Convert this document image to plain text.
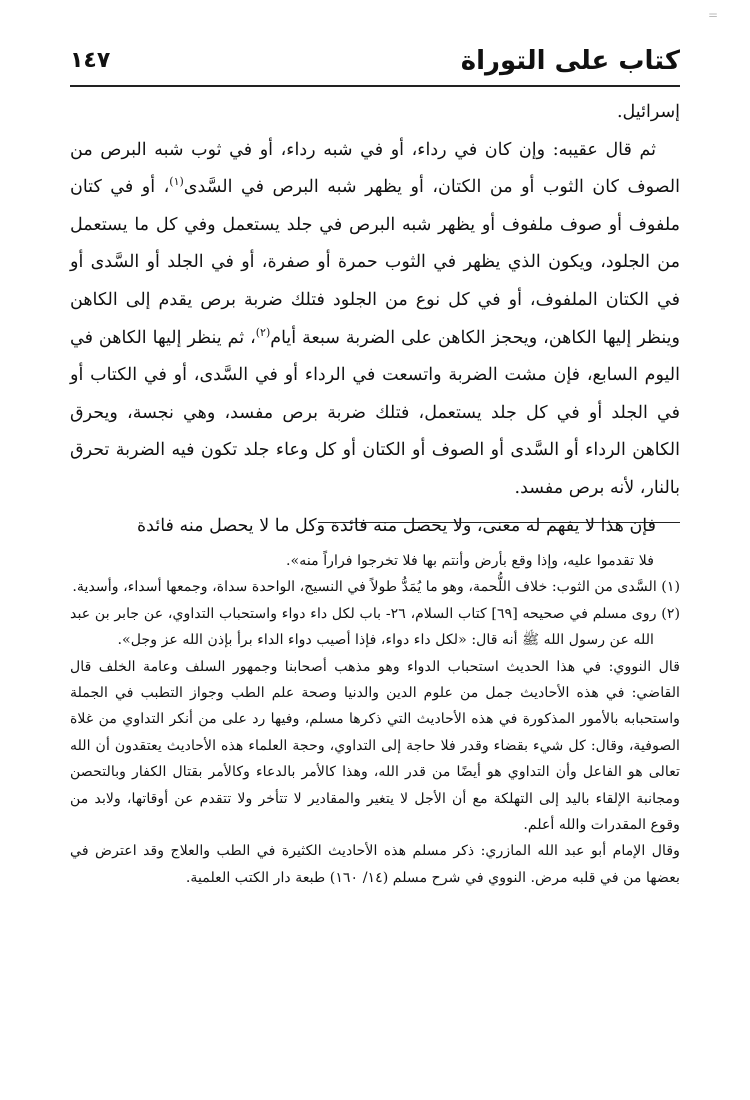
=
كتاب على التوراة
١٤٧

إسرائيل.

ثم قال عقيبه: وإن كان في رداء، أو في شبه رداء، أو في ثوب شبه البرص من الصوف كان الثوب أو من الكتان، أو يظهر شبه البرص في السَّدى$^{(١)}$، أو في كتان ملفوف أو صوف ملفوف أو يظهر شبه البرص في جلد يستعمل وفي كل ما يستعمل من الجلود، ويكون الذي يظهر في الثوب حمرة أو صفرة، أو في الجلد أو السَّدى أو في الكتان الملفوف، أو في كل نوع من الجلود فتلك ضربة برص يقدم إلى الكاهن وينظر إليها الكاهن، ويحجز الكاهن على الضربة سبعة أيام$^{(٢)}$، ثم ينظر إليها الكاهن في اليوم السابع، فإن مشت الضربة واتسعت في الرداء أو في السَّدى، أو في الكتاب أو في الجلد أو في كل جلد يستعمل، فتلك ضربة برص مفسد، وهي نجسة، ويحرق الكاهن الرداء أو السَّدى أو الصوف أو الكتان أو كل وعاء جلد تكون فيه الضربة تحرق بالنار، لأنه برص مفسد.

فإن هذا لا يفهم له معنى، ولا يحصل منه فائدة وكل ما لا يحصل منه فائدة

فلا تقدموا عليه، وإذا وقع بأرض وأنتم بها فلا تخرجوا فراراً منه».

(١) السَّدى من الثوب: خلاف اللُّحمة، وهو ما يُمَدُّ طولاً في النسيج، الواحدة سداة، وجمعها أسداء، وأسدية.

(٢) روى مسلم في صحيحه [٦٩] كتاب السلام، ٢٦- باب لكل داء دواء واستحباب التداوي، عن جابر بن عبد الله عن رسول الله ﷺ أنه قال: «لكل داء دواء، فإذا أصيب دواء الداء برأ بإذن الله عز وجل».

قال النووي: في هذا الحديث استحباب الدواء وهو مذهب أصحابنا وجمهور السلف وعامة الخلف قال القاضي: في هذه الأحاديث جمل من علوم الدين والدنيا وصحة علم الطب وجواز التطبب في الجملة واستحبابه بالأمور المذكورة في هذه الأحاديث التي ذكرها مسلم، وفيها رد على من أنكر التداوي من غلاة الصوفية، وقال: كل شيء بقضاء وقدر فلا حاجة إلى التداوي، وحجة العلماء هذه الأحاديث يعتقدون أن الله تعالى هو الفاعل وأن التداوي هو أيضًا من قدر الله، وهذا كالأمر بالدعاء وكالأمر بقتال الكفار وبالتحصن ومجانبة الإلقاء باليد إلى التهلكة مع أن الأجل لا يتغير والمقادير لا تتأخر ولا تتقدم عن أوقاتها، ولابد من وقوع المقدرات والله أعلم.

وقال الإمام أبو عبد الله المازري: ذكر مسلم هذه الأحاديث الكثيرة في الطب والعلاج وقد اعترض في بعضها من في قلبه مرض. النووي في شرح مسلم (١٤/ ١٦٠) طبعة دار الكتب العلمية.
